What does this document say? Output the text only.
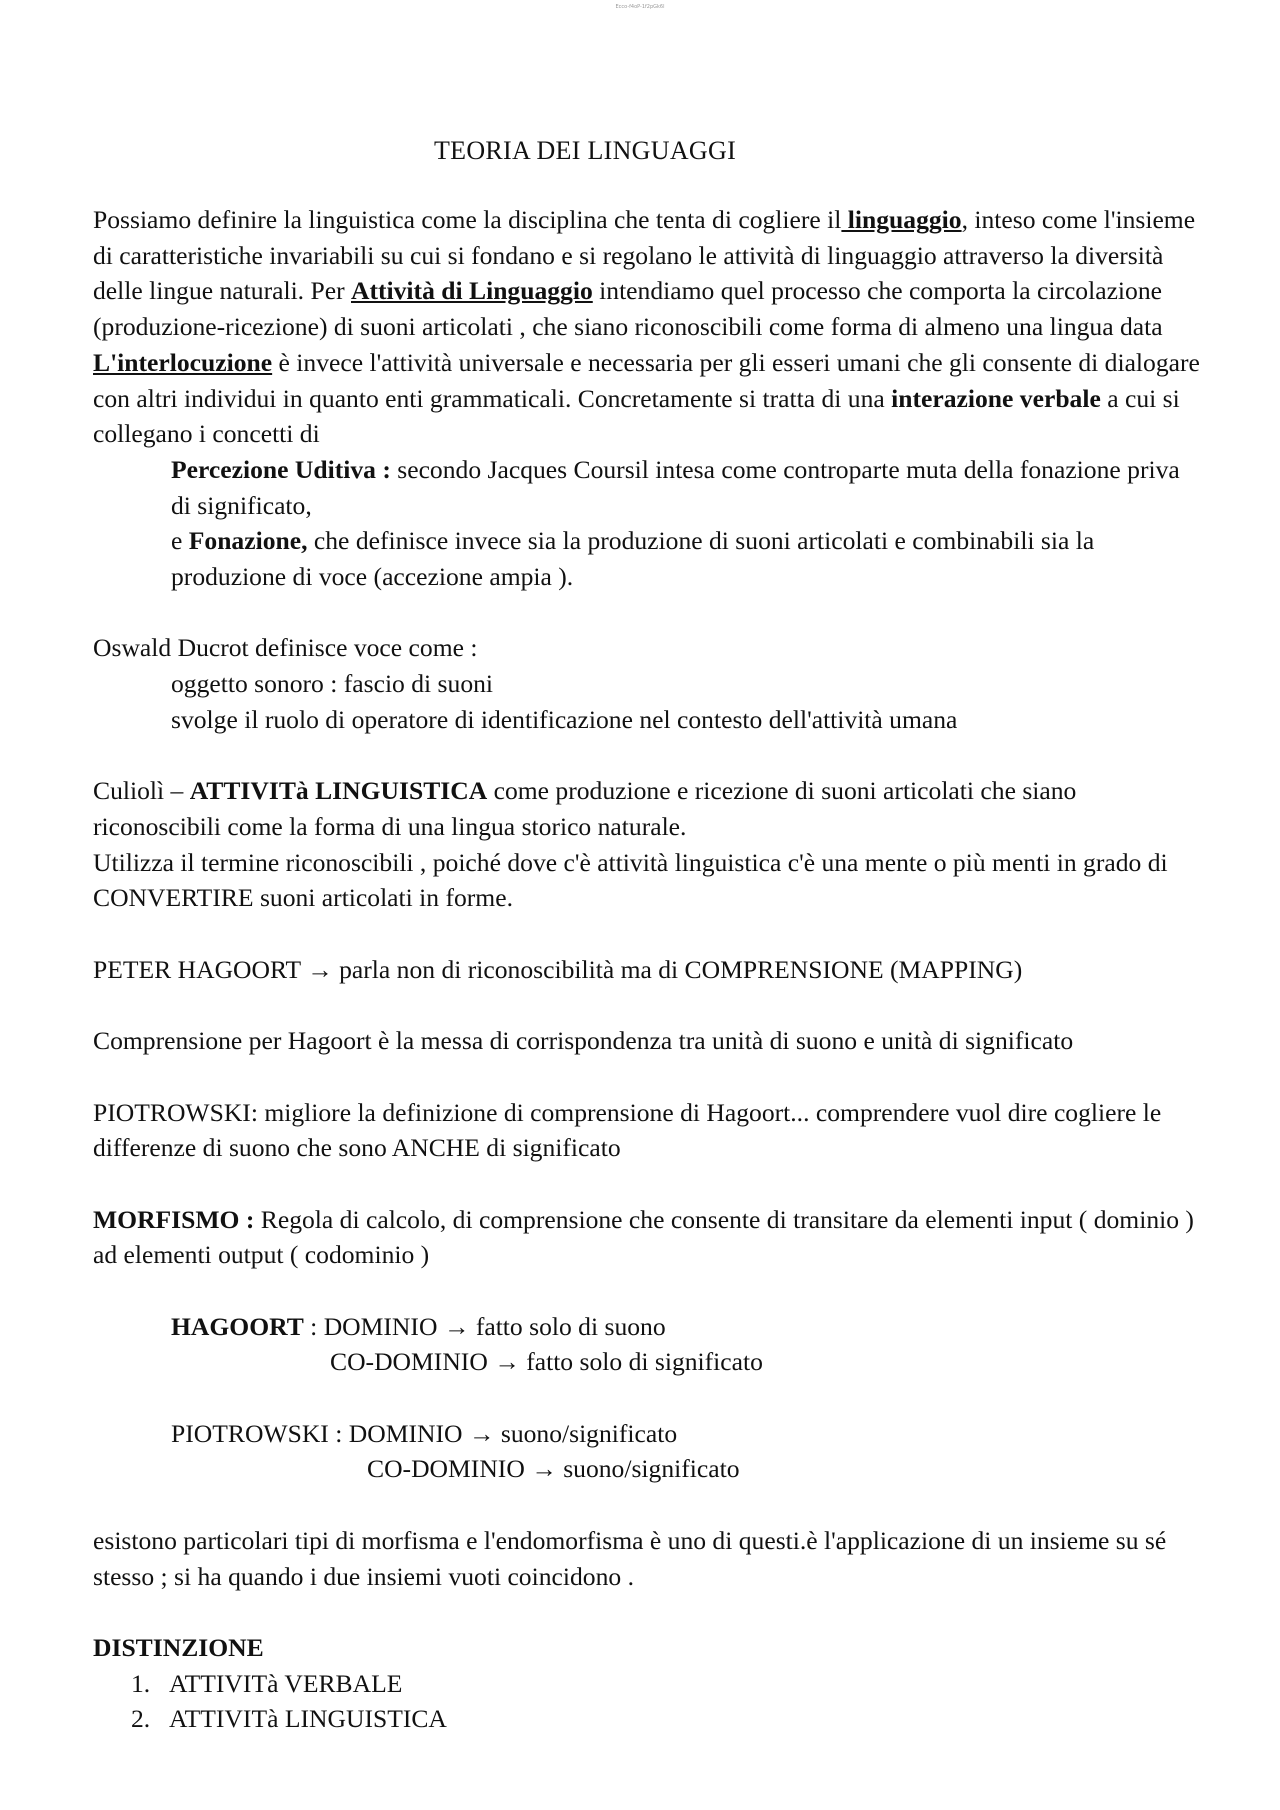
Ecco-f4oP-1f2pGk6l
TEORIA DEI LINGUAGGI

Possiamo definire la linguistica come la disciplina che tenta di cogliere il linguaggio, inteso come l'insieme di caratteristiche invariabili su cui si fondano e si regolano le attività di linguaggio attraverso la diversità delle lingue naturali. Per Attività di Linguaggio intendiamo quel processo che comporta la circolazione (produzione-ricezione) di suoni articolati , che siano riconoscibili come forma di almeno una lingua data

L'interlocuzione è invece l'attività universale e necessaria per gli esseri umani che gli consente di dialogare con altri individui in quanto enti grammaticali. Concretamente si tratta di una interazione verbale a cui si collegano i concetti di

Percezione Uditiva : secondo Jacques Coursil intesa come controparte muta della fonazione priva di significato,

e Fonazione, che definisce invece sia la produzione di suoni articolati e combinabili sia la produzione di voce (accezione ampia ).

Oswald Ducrot definisce voce come :

oggetto sonoro : fascio di suoni

svolge il ruolo di operatore di identificazione nel contesto dell'attività umana

Culiolì – ATTIVITà LINGUISTICA come produzione e ricezione di suoni articolati che siano riconoscibili come la forma di una lingua storico naturale.

Utilizza il termine riconoscibili , poiché dove c'è attività linguistica c'è una mente o più menti in grado di CONVERTIRE suoni articolati in forme.

PETER HAGOORT → parla non di riconoscibilità ma di COMPRENSIONE (MAPPING)

Comprensione per Hagoort è la messa di corrispondenza tra unità di suono e unità di significato

PIOTROWSKI: migliore la definizione di comprensione di Hagoort... comprendere vuol dire cogliere le differenze di suono che sono ANCHE di significato

MORFISMO : Regola di calcolo, di comprensione che consente di transitare da elementi input ( dominio ) ad elementi output ( codominio )

HAGOORT : DOMINIO → fatto solo di suono

CO-DOMINIO → fatto solo di significato

PIOTROWSKI : DOMINIO → suono/significato

CO-DOMINIO → suono/significato

esistono particolari tipi di morfisma e l'endomorfisma è uno di questi.è l'applicazione di un insieme su sé stesso ; si ha quando i due insiemi vuoti coincidono .

DISTINZIONE

1. ATTIVITà VERBALE
2. ATTIVITà LINGUISTICA
